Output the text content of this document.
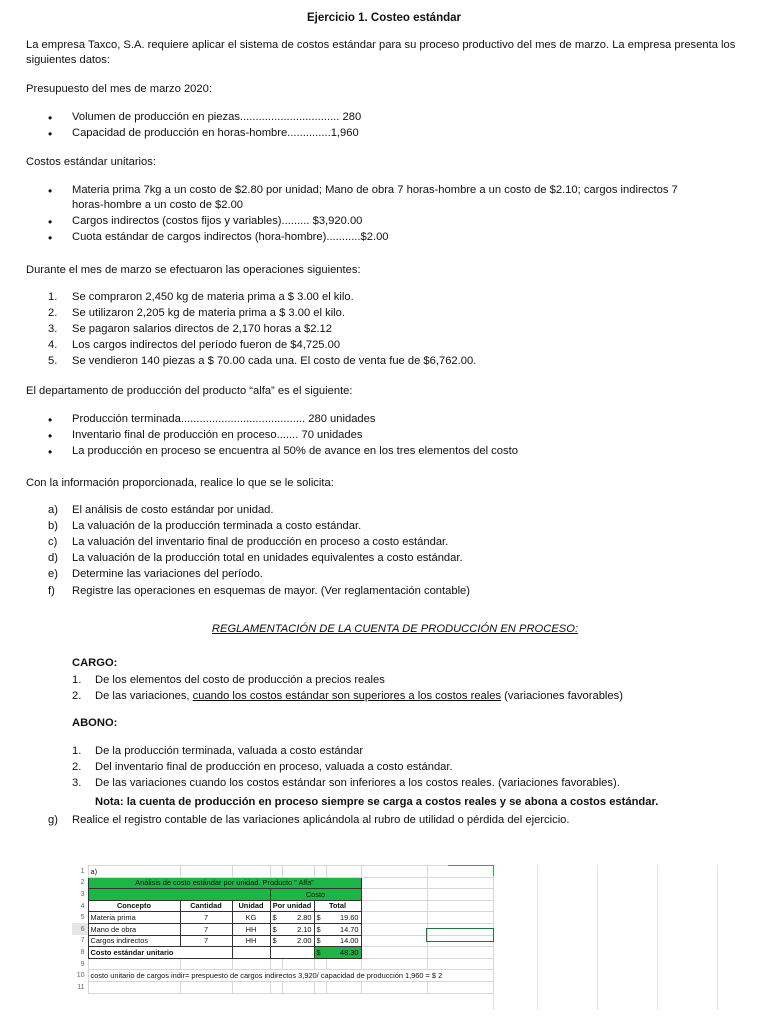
Ejercicio 1. Costeo estándar
La empresa Taxco, S.A. requiere aplicar el sistema de costos estándar para su proceso productivo del mes de marzo. La empresa presenta los siguientes datos:
Presupuesto del mes de marzo 2020:
• Volumen de producción en piezas................................ 280
• Capacidad de producción en horas-hombre..............1,960
Costos estándar unitarios:
• Materia prima 7kg a un costo de $2.80 por unidad; Mano de obra 7 horas-hombre a un costo de $2.10; cargos indirectos 7 horas-hombre a un costo de $2.00
• Cargos indirectos (costos fijos y variables)......... $3,920.00
• Cuota estándar de cargos indirectos (hora-hombre)...........$2.00
Durante el mes de marzo se efectuaron las operaciones siguientes:
1. Se compraron 2,450 kg de materia prima a $ 3.00 el kilo.
2. Se utilizaron 2,205 kg de materia prima a $ 3.00 el kilo.
3. Se pagaron salarios directos de 2,170 horas a $2.12
4. Los cargos indirectos del período fueron de $4,725.00
5. Se vendieron 140 piezas a $ 70.00 cada una. El costo de venta fue de $6,762.00.
El departamento de producción del producto “alfa” es el siguiente:
• Producción terminada........................................ 280 unidades
• Inventario final de producción en proceso....... 70 unidades
• La producción en proceso se encuentra al 50% de avance en los tres elementos del costo
Con la información proporcionada, realice lo que se le solicita:
a) El análisis de costo estándar por unidad.
b) La valuación de la producción terminada a costo estándar.
c) La valuación del inventario final de producción en proceso a costo estándar.
d) La valuación de la producción total en unidades equivalentes a costo estándar.
e) Determine las variaciones del período.
f) Registre las operaciones en esquemas de mayor. (Ver reglamentación contable)
REGLAMENTACIÓN DE LA CUENTA DE PRODUCCIÓN EN PROCESO:
CARGO:
1. De los elementos del costo de producción a precios reales
2. De las variaciones, cuando los costos estándar son superiores a los costos reales (variaciones favorables)
ABONO:
1. De la producción terminada, valuada a costo estándar
2. Del inventario final de producción en proceso, valuada a costo estándar.
3. De las variaciones cuando los costos estándar son inferiores a los costos reales. (variaciones favorables).
Nota: la cuenta de producción en proceso siempre se carga a costos reales y se abona a costos estándar.
g) Realice el registro contable de las variaciones aplicándola al rubro de utilidad o pérdida del ejercicio.
1	a)								
2	Análisis de costo estándar por unidad. Producto " Alfa"								
3				Costo					
4	Concepto	Cantidad	Unidad	Por unidad		Total			
5	Materia prima	7	KG	$	2.80	$	19.60		
6	Mano de obra	7	HH	$	2.10	$	14.70		
7	Cargos indirectos	7	HH	$	2.00	$	14.00		
8	Costo estándar unitario					$	48.30		
9									
10	costo unitario de cargos indir= prespuesto de cargos indirectos 3,920/ capacidad de producción 1,960 = $ 2								
11									
